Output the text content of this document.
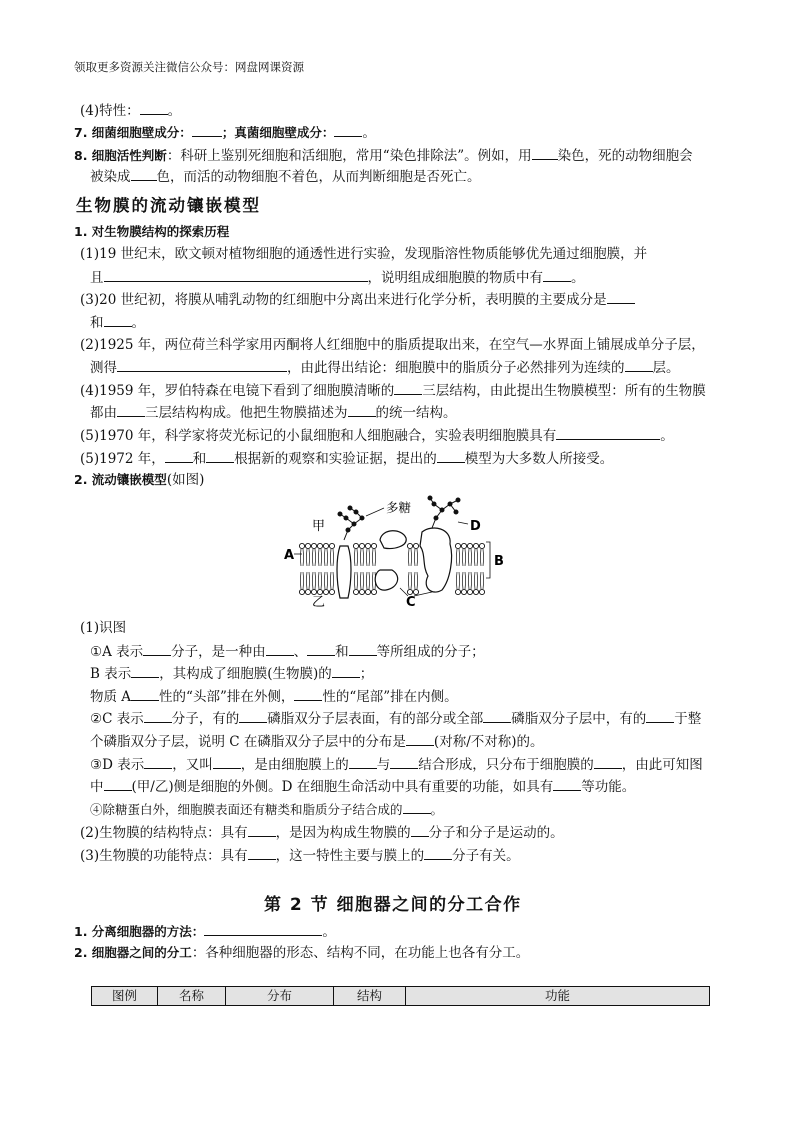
领取更多资源关注微信公众号：网盘网课资源
(4)特性： 。
7. 细菌细胞壁成分： ；真菌细胞壁成分： 。
8. 细胞活性判断：科研上鉴别死细胞和活细胞，常用“染色排除法”。例如，用 染色，死的动物细胞会
被染成 色，而活的动物细胞不着色，从而判断细胞是否死亡。
生物膜的流动镶嵌模型
1. 对生物膜结构的探索历程
(1)19 世纪末，欧文顿对植物细胞的通透性进行实验，发现脂溶性物质能够优先通过细胞膜，并
且	，说明组成细胞膜的物质中有 。
(3)20 世纪初，将膜从哺乳动物的红细胞中分离出来进行化学分析，表明膜的主要成分是
和 。
(2)1925 年，两位荷兰科学家用丙酮将人红细胞中的脂质提取出来，在空气—水界面上铺展成单分子层，
测得	，由此得出结论：细胞膜中的脂质分子必然排列为连续的 层。
(4)1959 年，罗伯特森在电镜下看到了细胞膜清晰的 三层结构，由此提出生物膜模型：所有的生物膜
都由 三层结构构成。他把生物膜描述为 的统一结构。
(5)1970 年，科学家将荧光标记的小鼠细胞和人细胞融合，实验表明细胞膜具有	。
(5)1972 年， 和 根据新的观察和实验证据，提出的 模型为大多数人所接受。
2. 流动镶嵌模型(如图)
甲
多糖
D
A	B
C
乙
(1)识图
①A 表示 分子，是一种由 、 和 等所组成的分子；
B 表示 ，其构成了细胞膜(生物膜)的 ；
物质 A 性的“头部”排在外侧， 性的“尾部”排在内侧。
②C 表示 分子，有的 磷脂双分子层表面，有的部分或全部 磷脂双分子层中，有的 于整
个磷脂双分子层，说明 C 在磷脂双分子层中的分布是 (对称/不对称)的。
③D 表示 ，又叫 ，是由细胞膜上的 与 结合形成，只分布于细胞膜的 ，由此可知图
中 (甲/乙)侧是细胞的外侧。D 在细胞生命活动中具有重要的功能，如具有 等功能。
④除糖蛋白外，细胞膜表面还有糖类和脂质分子结合成的 。
(2)生物膜的结构特点：具有 ，是因为构成生物膜的 分子和分子是运动的。
(3)生物膜的功能特点：具有 ，这一特性主要与膜上的 分子有关。
第 2 节 细胞器之间的分工合作
1. 分离细胞器的方法：	。
2. 细胞器之间的分工：各种细胞器的形态、结构不同，在功能上也各有分工。
图例	名称	分布	结构	功能
